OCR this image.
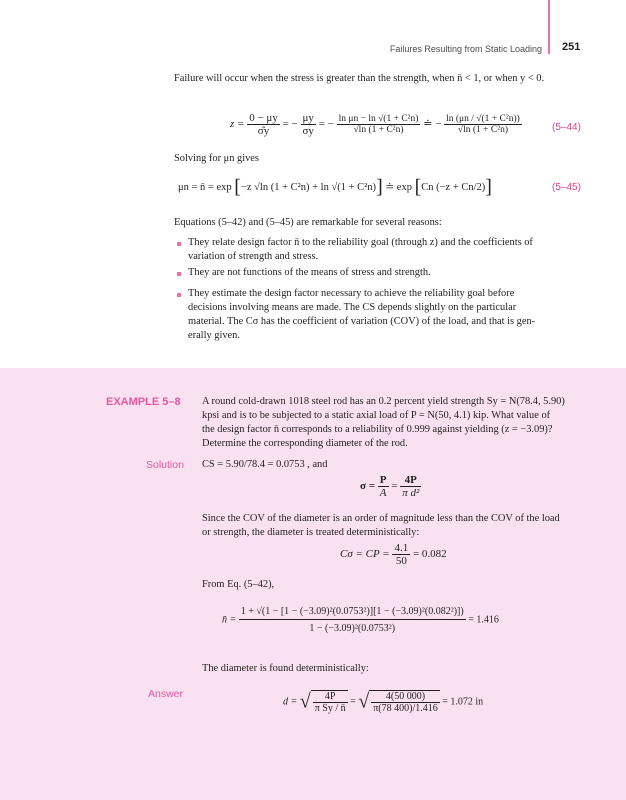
Failures Resulting from Static Loading 251
Failure will occur when the stress is greater than the strength, when n̄ < 1, or when y < 0.
$z = \frac{0 - \mu y}{\sigmây}$ = − $\frac{\mu y}{\sigma y}$ = − $\frac{\text{ln μn − ln √(1 + C²n)}}{\text{√ln (1 + C²n)}}$ ≐ − $\frac{\text{ln (μn / √(1 + C²n))}}{\text{√ln (1 + C²n)}}$	(5–44)
Solving for μn gives
μn = n̄ = exp [−z √ln (1 + C²n) + ln √(1 + C²n)] ≐ exp [Cn (−z + Cn/2)]	(5–45)
Equations (5–42) and (5–45) are remarkable for several reasons:
They relate design factor n̄ to the reliability goal (through z) and the coefficients of
variation of strength and stress.
They are not functions of the means of stress and strength.
They estimate the design factor necessary to achieve the reliability goal before
decisions involving means are made. The CS depends slightly on the particular
material. The Cσ has the coefficient of variation (COV) of the load, and that is gen-
erally given.
EXAMPLE 5–8 A round cold-drawn 1018 steel rod has an 0.2 percent yield strength Sy = N(78.4, 5.90)
kpsi and is to be subjected to a static axial load of P = N(50, 4.1) kip. What value of
the design factor n̄ corresponds to a reliability of 0.999 against yielding (z = −3.09)?
Determine the corresponding diameter of the rod.
Solution CS = 5.90/78.4 = 0.0753 , and
$\sigma = \frac{P}{A} = \frac{4P}{\text{π d²}}$
Since the COV of the diameter is an order of magnitude less than the COV of the load
or strength, the diameter is treated deterministically:
Cσ = CP = $\frac{4.1}{50} = 0.082$
From Eq. (5–42),
n̄ = $\frac{\text{1 + √(1 − [1 − (−3.09)²(0.0753²)][1 − (−3.09)²(0.082²)])}}{\text{1 − (−3.09)²(0.0753²)}} = 1.416$
The diameter is found deterministically:
Answer
d = √ $\frac{4P̄}{\text{π S̄y / n̄}}$ = √ $\frac{4(50 000)}{\pi(78 400)/1.416} = 1.072$ in
